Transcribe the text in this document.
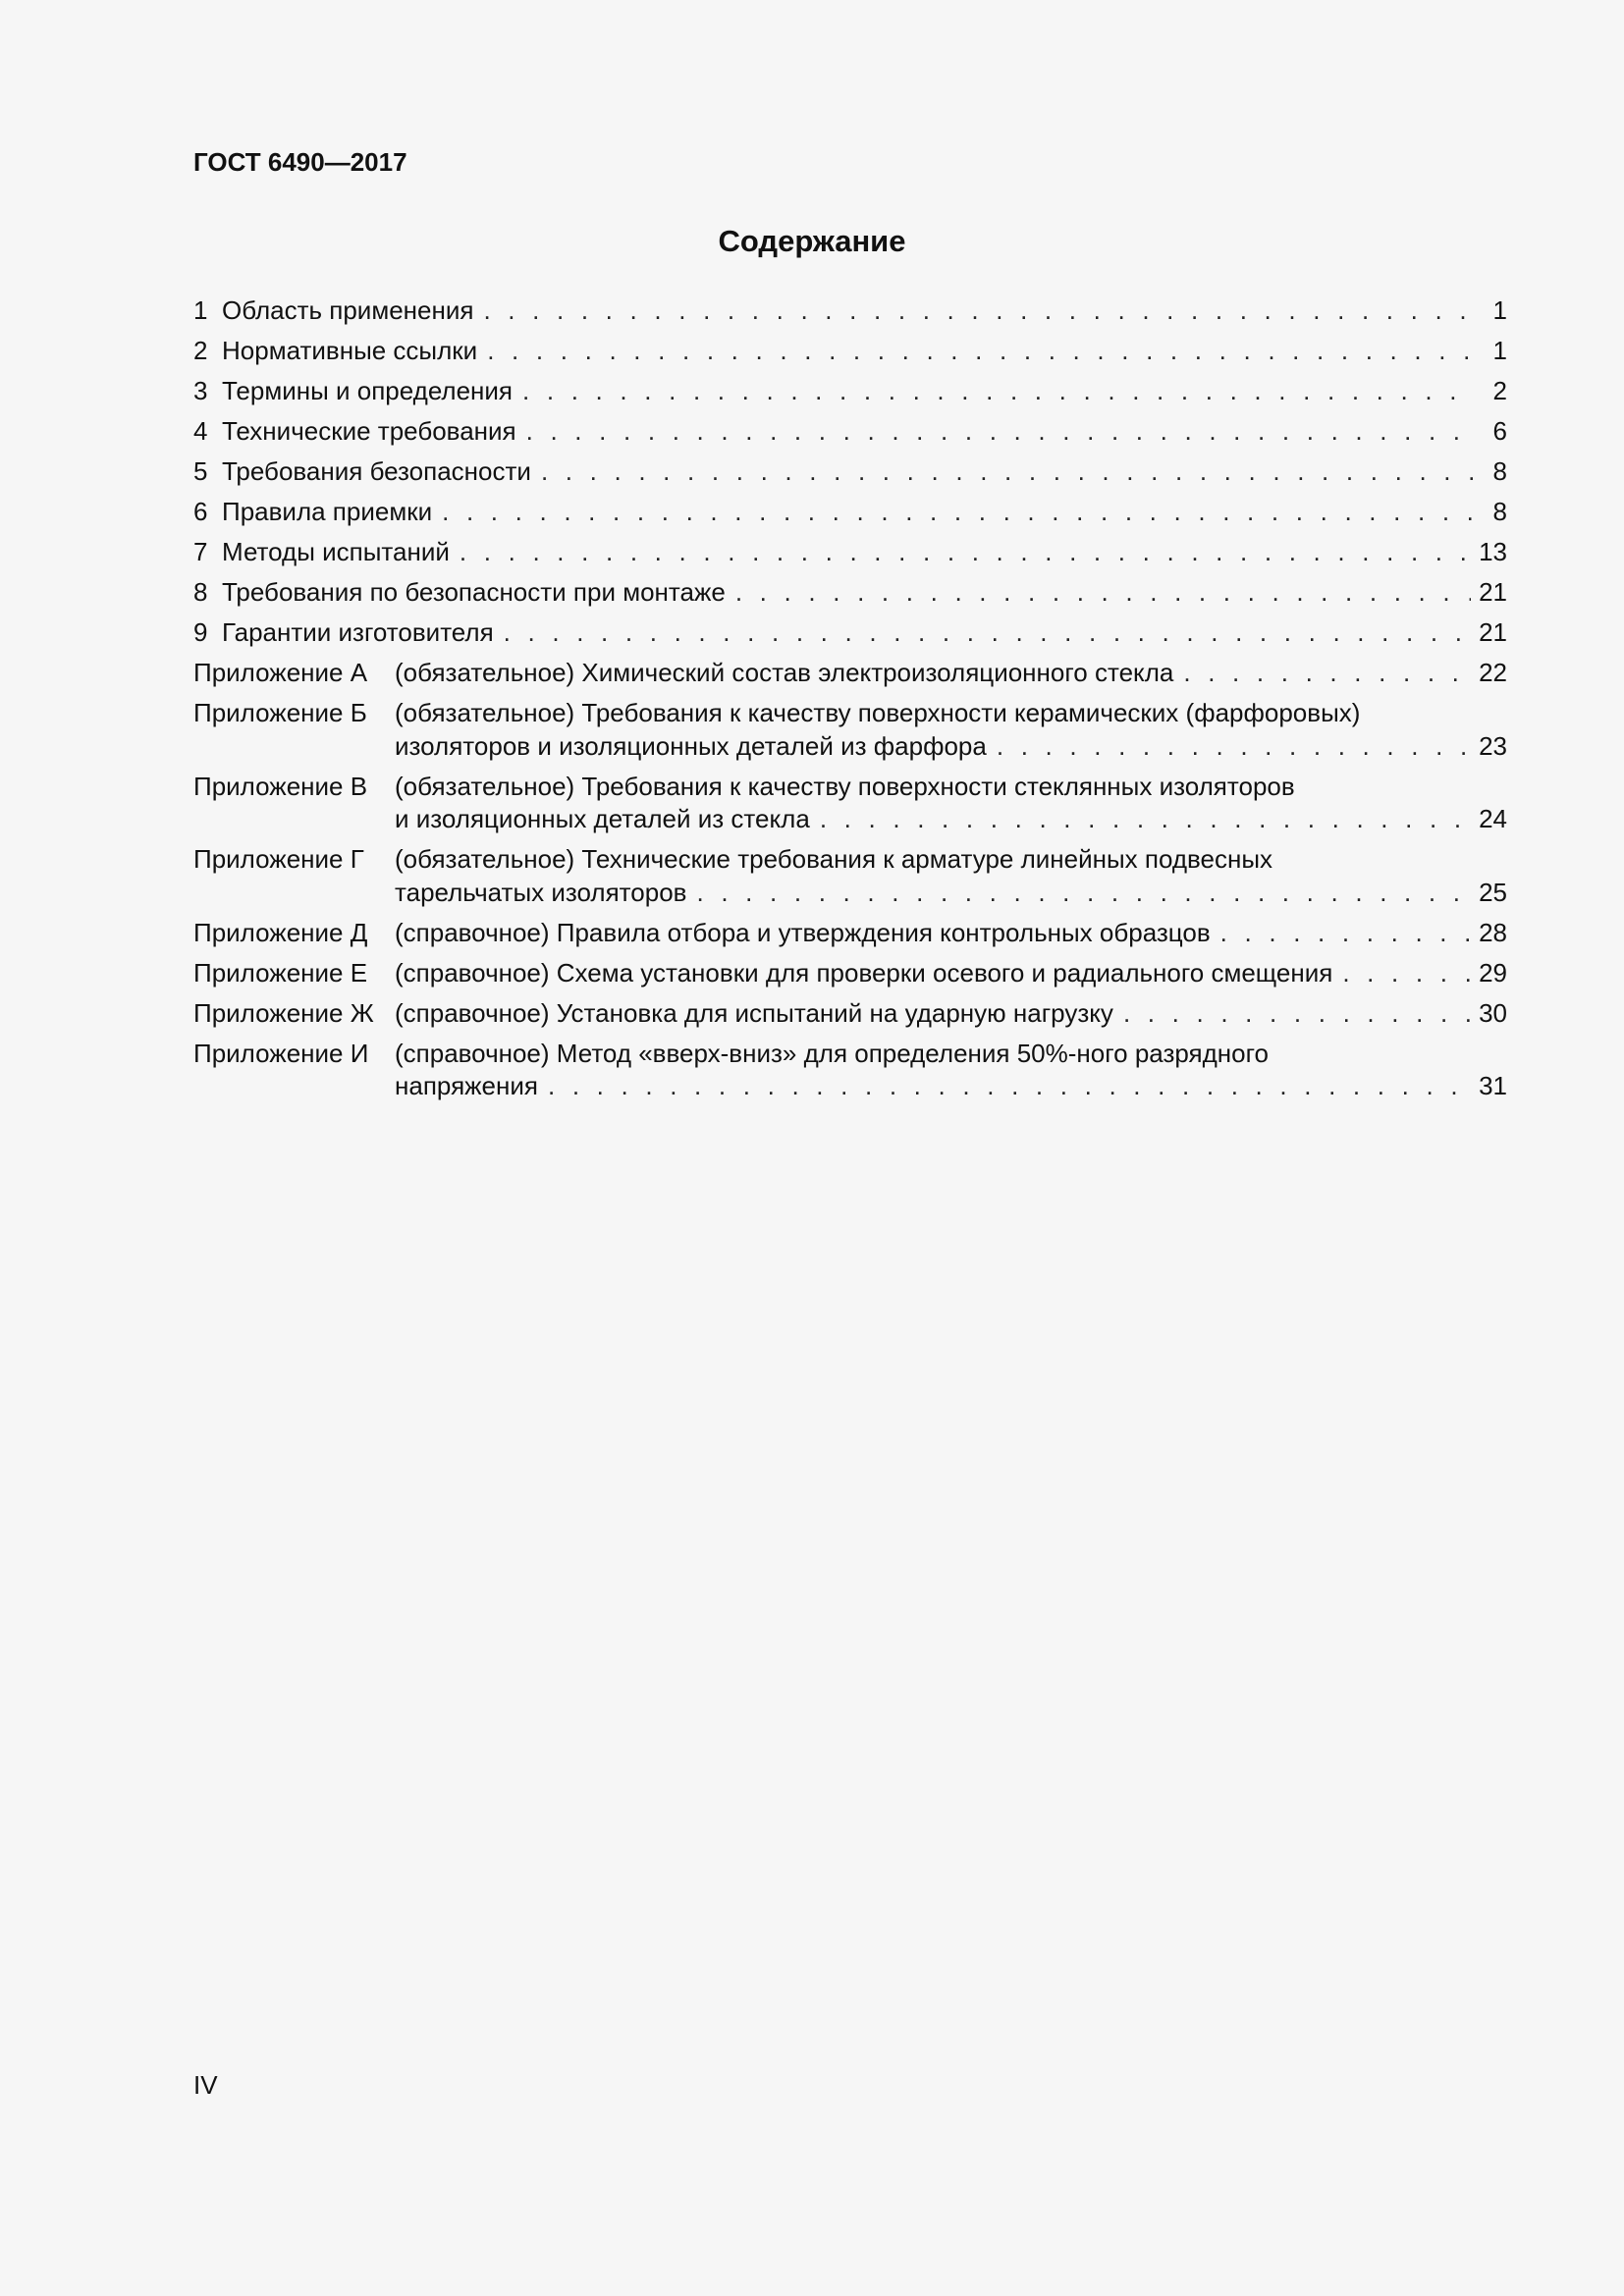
ГОСТ 6490—2017
Содержание
1 Область применения . . .	1
2 Нормативные ссылки . . .	1
3 Термины и определения . . .	2
4 Технические требования . . .	6
5 Требования безопасности . . .	8
6 Правила приемки . . .	8
7 Методы испытаний . . .	13
8 Требования по безопасности при монтаже . . .	21
9 Гарантии изготовителя . . .	21
Приложение А	(обязательное) Химический состав электроизоляционного стекла . . .	22
Приложение Б	(обязательное) Требования к качеству поверхности керамических (фарфоровых)
изоляторов и изоляционных деталей из фарфора . . .	23
Приложение В	(обязательное) Требования к качеству поверхности стеклянных изоляторов
и изоляционных деталей из стекла . . .	24
Приложение Г	(обязательное) Технические требования к арматуре линейных подвесных
тарельчатых изоляторов . . .	25
Приложение Д	(справочное) Правила отбора и утверждения контрольных образцов . . .	28
Приложение Е	(справочное) Схема установки для проверки осевого и радиального смещения . . .	29
Приложение Ж (справочное) Установка для испытаний на ударную нагрузку . . .	30
Приложение И	(справочное) Метод «вверх-вниз» для определения 50%-ного разрядного
напряжения . . .	31
IV
